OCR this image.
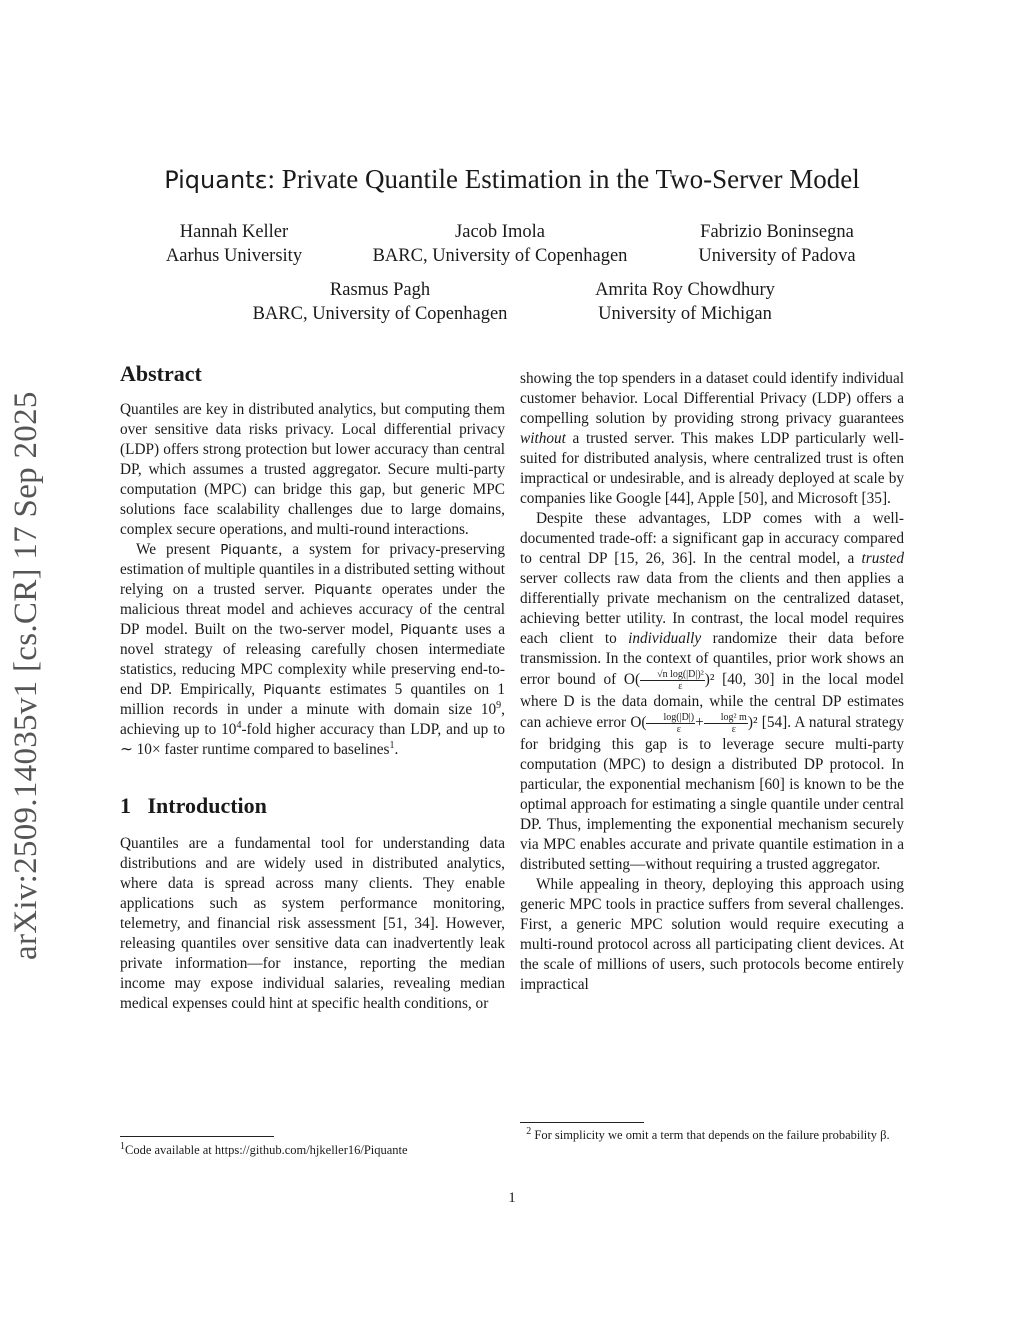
arXiv:2509.14035v1 [cs.CR] 17 Sep 2025
Piquantε: Private Quantile Estimation in the Two-Server Model
Hannah Keller
Aarhus University
Jacob Imola
BARC, University of Copenhagen
Fabrizio Boninsegna
University of Padova
Rasmus Pagh
BARC, University of Copenhagen
Amrita Roy Chowdhury
University of Michigan
Abstract

Quantiles are key in distributed analytics, but computing them over sensitive data risks privacy. Local differential privacy (LDP) offers strong protection but lower accuracy than central DP, which assumes a trusted aggregator. Secure multi-party computation (MPC) can bridge this gap, but generic MPC solutions face scalability challenges due to large domains, complex secure operations, and multi-round interactions.

We present Piquantε, a system for privacy-preserving estimation of multiple quantiles in a distributed setting without relying on a trusted server. Piquantε operates under the malicious threat model and achieves accuracy of the central DP model. Built on the two-server model, Piquantε uses a novel strategy of releasing carefully chosen intermediate statistics, reducing MPC complexity while preserving end-to-end DP. Empirically, Piquantε estimates 5 quantiles on 1 million records in under a minute with domain size $10^9$, achieving up to $10^4$-fold higher accuracy than LDP, and up to ∼ 10× faster runtime compared to baselines$^1$.

1 Introduction

Quantiles are a fundamental tool for understanding data distributions and are widely used in distributed analytics, where data is spread across many clients. They enable applications such as system performance monitoring, telemetry, and financial risk assessment [51, 34]. However, releasing quantiles over sensitive data can inadvertently leak private information—for instance, reporting the median income may expose individual salaries, revealing median medical expenses could hint at specific health conditions, or

showing the top spenders in a dataset could identify individual customer behavior. Local Differential Privacy (LDP) offers a compelling solution by providing strong privacy guarantees without a trusted server. This makes LDP particularly well-suited for distributed analysis, where centralized trust is often impractical or undesirable, and is already deployed at scale by companies like Google [44], Apple [50], and Microsoft [35].

Despite these advantages, LDP comes with a well-documented trade-off: a significant gap in accuracy compared to central DP [15, 26, 36]. In the central model, a trusted server collects raw data from the clients and then applies a differentially private mechanism on the centralized dataset, achieving better utility. In contrast, the local model requires each client to individually randomize their data before transmission. In the context of quantiles, prior work shows an error bound of $O( \frac{\text{√n log(|D|)²}}{\varepsilon} )^2$ [40, 30] in the local model where D is the data domain, while the central DP estimates can achieve error $O( \frac{\log(|D|)}{\varepsilon} + \frac{\text{log² m}}{\varepsilon} )^2$ [54]. A natural strategy for bridging this gap is to leverage secure multi-party computation (MPC) to design a distributed DP protocol. In particular, the exponential mechanism [60] is known to be the optimal approach for estimating a single quantile under central DP. Thus, implementing the exponential mechanism securely via MPC enables accurate and private quantile estimation in a distributed setting—without requiring a trusted aggregator.

While appealing in theory, deploying this approach using generic MPC tools in practice suffers from several challenges. First, a generic MPC solution would require executing a multi-round protocol across all participating client devices. At the scale of millions of users, such protocols become entirely impractical

$^1$Code available at https://github.com/hjkeller16/Piquante
$^2$ For simplicity we omit a term that depends on the failure probability β.
1
